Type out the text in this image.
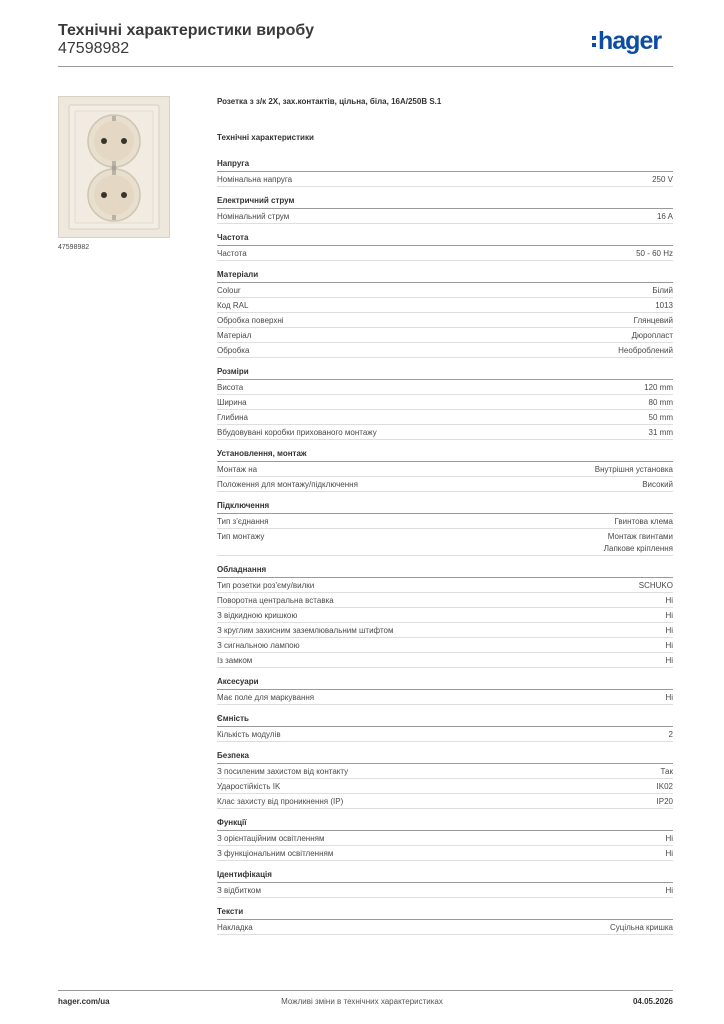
Технічні характеристики виробу
47598982	hager
47598982
Розетка з з/к 2X, зах.контактів, цільна, біла, 16A/250B S.1
Технічні характеристики
Напруга
Номінальна напруга	250 V
Електричний струм
Номінальний струм	16 A
Частота
Частота	50 - 60 Hz
Матеріали
Colour	Білий
Код RAL	1013
Обробка поверхні	Глянцевий
Матеріал	Дюропласт
Обробка	Необроблений
Розміри
Висота	120 mm
Ширина	80 mm
Глибина	50 mm
Вбудовувані коробки прихованого монтажу	31 mm
Установлення, монтаж
Монтаж на	Внутрішня установка
Положення для монтажу/підключення	Високий
Підключення
Тип з'єднання	Гвинтова клема
Тип монтажу	Монтаж гвинтами
Лапкове кріплення
Обладнання
Тип розетки роз'єму/вилки	SCHUKO
Поворотна центральна вставка	Ні
З відкидною кришкою	Ні
З круглим захисним заземлювальним штифтом	Ні
З сигнальною лампою	Ні
Із замком	Ні
Аксесуари
Має поле для маркування	Ні
Ємність
Кількість модулів	2
Безпека
З посиленим захистом від контакту	Так
Ударостійкість IK	IK02
Клас захисту від проникнення (IP)	IP20
Функції
З орієнтаційним освітленням	Ні
З функціональним освітленням	Ні
Ідентифікація
З відбитком	Ні
Тексти
Накладка	Суцільна кришка
hager.com/ua	Можливі зміни в технічних характеристиках	04.05.2026
